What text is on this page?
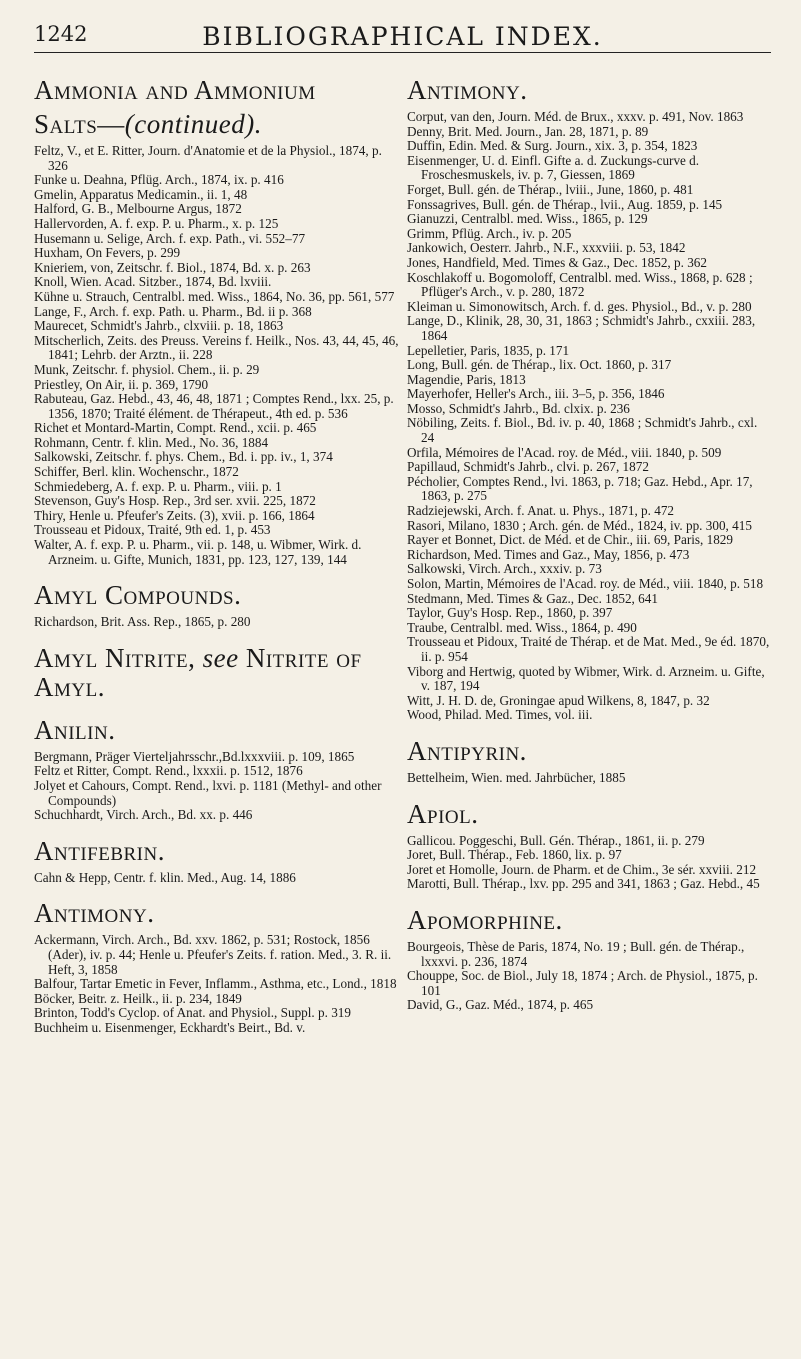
1242	BIBLIOGRAPHICAL INDEX.
Ammonia and Ammonium
Salts—(continued).

Feltz, V., et E. Ritter, Journ. d'Anatomie et de la Physiol., 1874, p. 326

Funke u. Deahna, Pflüg. Arch., 1874, ix. p. 416

Gmelin, Apparatus Medicamin., ii. 1, 48

Halford, G. B., Melbourne Argus, 1872

Hallervorden, A. f. exp. P. u. Pharm., x. p. 125

Husemann u. Selige, Arch. f. exp. Path., vi. 552–77

Huxham, On Fevers, p. 299

Knieriem, von, Zeitschr. f. Biol., 1874, Bd. x. p. 263

Knoll, Wien. Acad. Sitzber., 1874, Bd. lxviii.

Kühne u. Strauch, Centralbl. med. Wiss., 1864, No. 36, pp. 561, 577

Lange, F., Arch. f. exp. Path. u. Pharm., Bd. ii p. 368

Maurecet, Schmidt's Jahrb., clxviii. p. 18, 1863

Mitscherlich, Zeits. des Preuss. Vereins f. Heilk., Nos. 43, 44, 45, 46, 1841; Lehrb. der Arztn., ii. 228

Munk, Zeitschr. f. physiol. Chem., ii. p. 29

Priestley, On Air, ii. p. 369, 1790

Rabuteau, Gaz. Hebd., 43, 46, 48, 1871 ; Comptes Rend., lxx. 25, p. 1356, 1870; Traité élément. de Thérapeut., 4th ed. p. 536

Richet et Montard-Martin, Compt. Rend., xcii. p. 465

Rohmann, Centr. f. klin. Med., No. 36, 1884

Salkowski, Zeitschr. f. phys. Chem., Bd. i. pp. iv., 1, 374

Schiffer, Berl. klin. Wochenschr., 1872

Schmiedeberg, A. f. exp. P. u. Pharm., viii. p. 1

Stevenson, Guy's Hosp. Rep., 3rd ser. xvii. 225, 1872

Thiry, Henle u. Pfeufer's Zeits. (3), xvii. p. 166, 1864

Trousseau et Pidoux, Traité, 9th ed. 1, p. 453

Walter, A. f. exp. P. u. Pharm., vii. p. 148, u. Wibmer, Wirk. d. Arzneim. u. Gifte, Munich, 1831, pp. 123, 127, 139, 144

Amyl Compounds.

Richardson, Brit. Ass. Rep., 1865, p. 280

Amyl Nitrite, see Nitrite of Amyl.
Anilin.

Bergmann, Präger Vierteljahrsschr.,Bd.lxxxviii. p. 109, 1865

Feltz et Ritter, Compt. Rend., lxxxii. p. 1512, 1876

Jolyet et Cahours, Compt. Rend., lxvi. p. 1181 (Methyl- and other Compounds)

Schuchhardt, Virch. Arch., Bd. xx. p. 446

Antifebrin.

Cahn & Hepp, Centr. f. klin. Med., Aug. 14, 1886

Antimony.

Ackermann, Virch. Arch., Bd. xxv. 1862, p. 531; Rostock, 1856 (Ader), iv. p. 44; Henle u. Pfeufer's Zeits. f. ration. Med., 3. R. ii. Heft, 3, 1858

Balfour, Tartar Emetic in Fever, Inflamm., Asthma, etc., Lond., 1818

Böcker, Beitr. z. Heilk., ii. p. 234, 1849

Brinton, Todd's Cyclop. of Anat. and Physiol., Suppl. p. 319

Buchheim u. Eisenmenger, Eckhardt's Beirt., Bd. v.

Antimony.

Corput, van den, Journ. Méd. de Brux., xxxv. p. 491, Nov. 1863

Denny, Brit. Med. Journ., Jan. 28, 1871, p. 89

Duffin, Edin. Med. & Surg. Journ., xix. 3, p. 354, 1823

Eisenmenger, U. d. Einfl. Gifte a. d. Zuckungs-curve d. Froschesmuskels, iv. p. 7, Giessen, 1869

Forget, Bull. gén. de Thérap., lviii., June, 1860, p. 481

Fonssagrives, Bull. gén. de Thérap., lvii., Aug. 1859, p. 145

Gianuzzi, Centralbl. med. Wiss., 1865, p. 129

Grimm, Pflüg. Arch., iv. p. 205

Jankowich, Oesterr. Jahrb., N.F., xxxviii. p. 53, 1842

Jones, Handfield, Med. Times & Gaz., Dec. 1852, p. 362

Koschlakoff u. Bogomoloff, Centralbl. med. Wiss., 1868, p. 628 ; Pflüger's Arch., v. p. 280, 1872

Kleiman u. Simonowitsch, Arch. f. d. ges. Physiol., Bd., v. p. 280

Lange, D., Klinik, 28, 30, 31, 1863 ; Schmidt's Jahrb., cxxiii. 283, 1864

Lepelletier, Paris, 1835, p. 171

Long, Bull. gén. de Thérap., lix. Oct. 1860, p. 317

Magendie, Paris, 1813

Mayerhofer, Heller's Arch., iii. 3–5, p. 356, 1846

Mosso, Schmidt's Jahrb., Bd. clxix. p. 236

Nöbiling, Zeits. f. Biol., Bd. iv. p. 40, 1868 ; Schmidt's Jahrb., cxl. 24

Orfila, Mémoires de l'Acad. roy. de Méd., viii. 1840, p. 509

Papillaud, Schmidt's Jahrb., clvi. p. 267, 1872

Pécholier, Comptes Rend., lvi. 1863, p. 718; Gaz. Hebd., Apr. 17, 1863, p. 275

Radziejewski, Arch. f. Anat. u. Phys., 1871, p. 472

Rasori, Milano, 1830 ; Arch. gén. de Méd., 1824, iv. pp. 300, 415

Rayer et Bonnet, Dict. de Méd. et de Chir., iii. 69, Paris, 1829

Richardson, Med. Times and Gaz., May, 1856, p. 473

Salkowski, Virch. Arch., xxxiv. p. 73

Solon, Martin, Mémoires de l'Acad. roy. de Méd., viii. 1840, p. 518

Stedmann, Med. Times & Gaz., Dec. 1852, 641

Taylor, Guy's Hosp. Rep., 1860, p. 397

Traube, Centralbl. med. Wiss., 1864, p. 490

Trousseau et Pidoux, Traité de Thérap. et de Mat. Med., 9e éd. 1870, ii. p. 954

Viborg and Hertwig, quoted by Wibmer, Wirk. d. Arzneim. u. Gifte, v. 187, 194

Witt, J. H. D. de, Groningae apud Wilkens, 8, 1847, p. 32

Wood, Philad. Med. Times, vol. iii.

Antipyrin.

Bettelheim, Wien. med. Jahrbücher, 1885

Apiol.

Gallicou. Poggeschi, Bull. Gén. Thérap., 1861, ii. p. 279

Joret, Bull. Thérap., Feb. 1860, lix. p. 97

Joret et Homolle, Journ. de Pharm. et de Chim., 3e sér. xxviii. 212

Marotti, Bull. Thérap., lxv. pp. 295 and 341, 1863 ; Gaz. Hebd., 45

Apomorphine.

Bourgeois, Thèse de Paris, 1874, No. 19 ; Bull. gén. de Thérap., lxxxvi. p. 236, 1874

Chouppe, Soc. de Biol., July 18, 1874 ; Arch. de Physiol., 1875, p. 101

David, G., Gaz. Méd., 1874, p. 465
